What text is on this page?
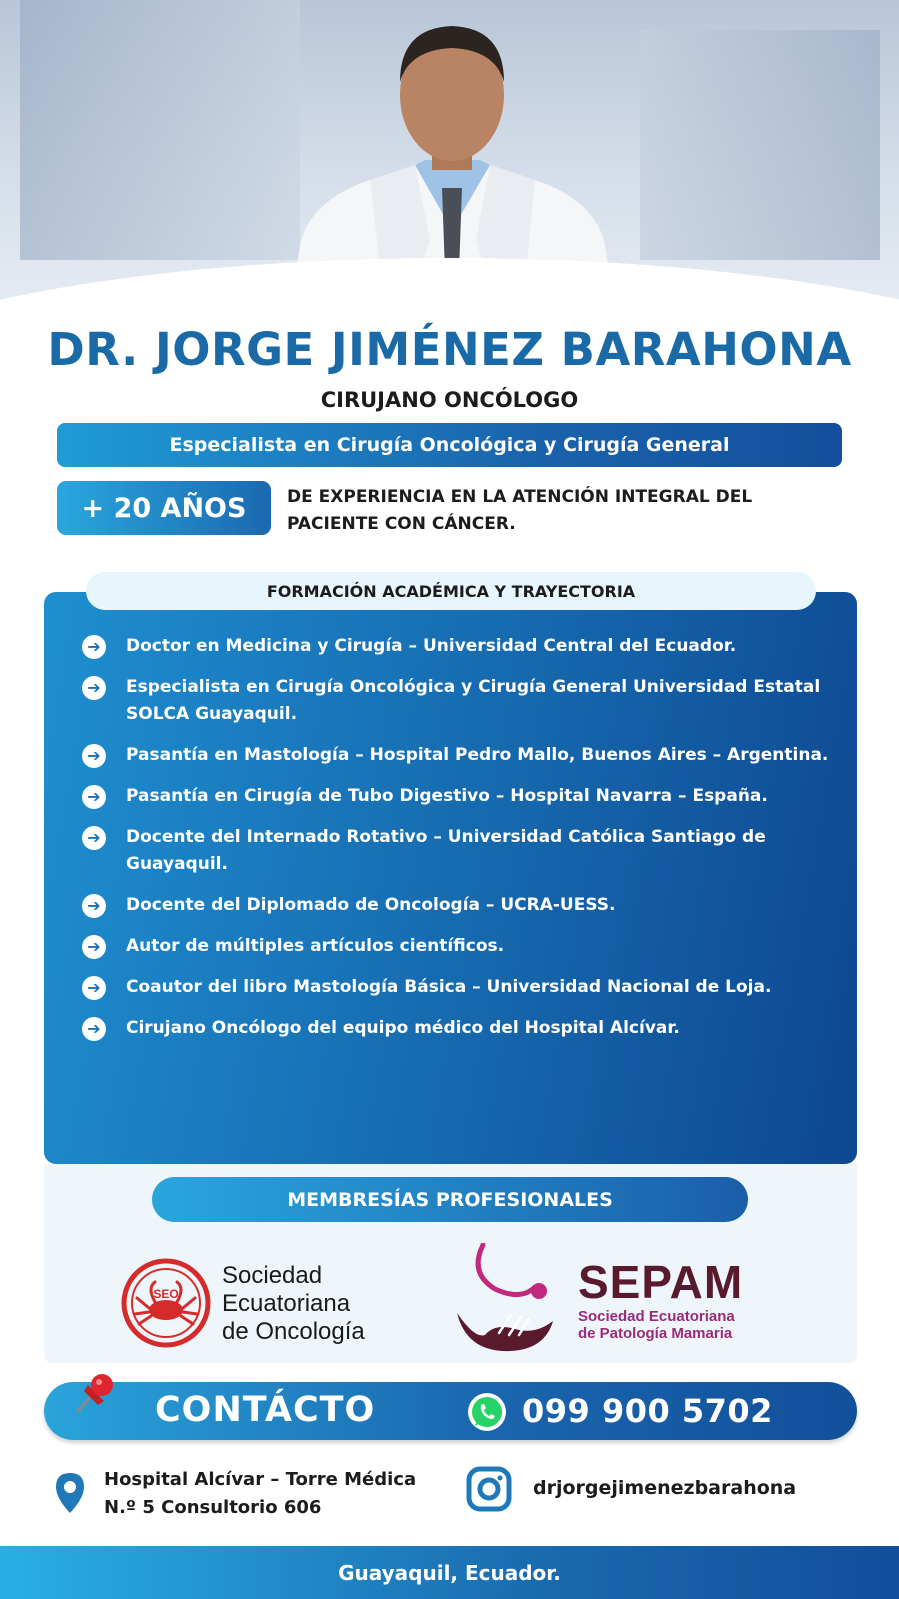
DR. JORGE JIMÉNEZ BARAHONA
CIRUJANO ONCÓLOGO
Especialista en Cirugía Oncológica y Cirugía General
+ 20 AÑOS	DE EXPERIENCIA EN LA ATENCIÓN INTEGRAL DEL PACIENTE CON CÁNCER.
FORMACIÓN ACADÉMICA Y TRAYECTORIA
➔	Doctor en Medicina y Cirugía – Universidad Central del Ecuador.
➔	Especialista en Cirugía Oncológica y Cirugía General Universidad Estatal SOLCA Guayaquil.
➔	Pasantía en Mastología – Hospital Pedro Mallo, Buenos Aires – Argentina.
➔	Pasantía en Cirugía de Tubo Digestivo – Hospital Navarra – España.
➔	Docente del Internado Rotativo – Universidad Católica Santiago de Guayaquil.
➔	Docente del Diplomado de Oncología – UCRA-UESS.
➔	Autor de múltiples artículos científicos.
➔	Coautor del libro Mastología Básica – Universidad Nacional de Loja.
➔	Cirujano Oncólogo del equipo médico del Hospital Alcívar.
MEMBRESÍAS PROFESIONALES
SEO
Sociedad
Ecuatoriana
de Oncología
SEPAM
Sociedad Ecuatoriana
de Patología Mamaria
CONTÁCTO	099 900 5702
Hospital Alcívar – Torre Médica
N.º 5 Consultorio 606
drjorgejimenezbarahona
Guayaquil, Ecuador.
